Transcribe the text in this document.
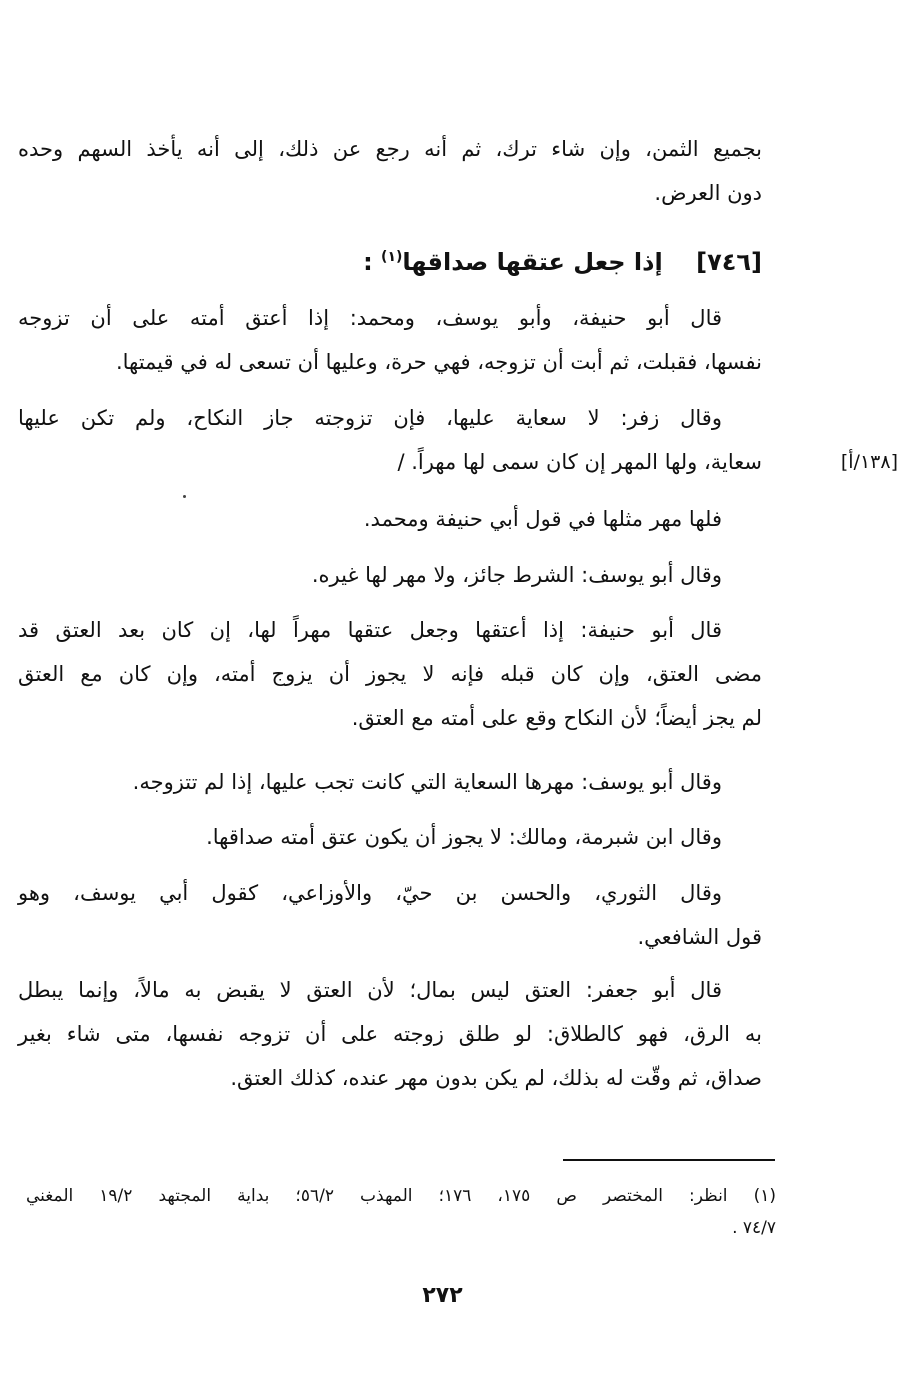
بجميع الثمن، وإن شاء ترك، ثم أنه رجع عن ذلك، إلى أنه يأخذ السهم وحده
دون العرض.
[٧٤٦]    إذا جعل عتقها صداقها$^{(١)}$ :
قال أبو حنيفة، وأبو يوسف، ومحمد: إذا أعتق أمته على أن تزوجه
نفسها، فقبلت، ثم أبت أن تزوجه، فهي حرة، وعليها أن تسعى له في قيمتها.
وقال زفر: لا سعاية عليها، فإن تزوجته جاز النكاح، ولم تكن عليها
سعاية، ولها المهر إن كان سمى لها مهراً. /	[١٣٨/أ]
فلها مهر مثلها في قول أبي حنيفة ومحمد.
وقال أبو يوسف: الشرط جائز، ولا مهر لها غيره.
قال أبو حنيفة: إذا أعتقها وجعل عتقها مهراً لها، إن كان بعد العتق قد
مضى العتق، وإن كان قبله فإنه لا يجوز أن يزوج أمته، وإن كان مع العتق
لم يجز أيضاً؛ لأن النكاح وقع على أمته مع العتق.
وقال أبو يوسف: مهرها السعاية التي كانت تجب عليها، إذا لم تتزوجه.
وقال ابن شبرمة، ومالك: لا يجوز أن يكون عتق أمته صداقها.
وقال الثوري، والحسن بن حيّ، والأوزاعي، كقول أبي يوسف، وهو
قول الشافعي.
قال أبو جعفر: العتق ليس بمال؛ لأن العتق لا يقبض به مالاً، وإنما يبطل
به الرق، فهو كالطلاق: لو طلق زوجته على أن تزوجه نفسها، متى شاء بغير
صداق، ثم وقّت له بذلك، لم يكن بدون مهر عنده، كذلك العتق.
(١) انظر: المختصر ص ١٧٥، ١٧٦؛ المهذب ٥٦/٢؛ بداية المجتهد ١٩/٢ المغني
٧٤/٧ .
٢٧٢
